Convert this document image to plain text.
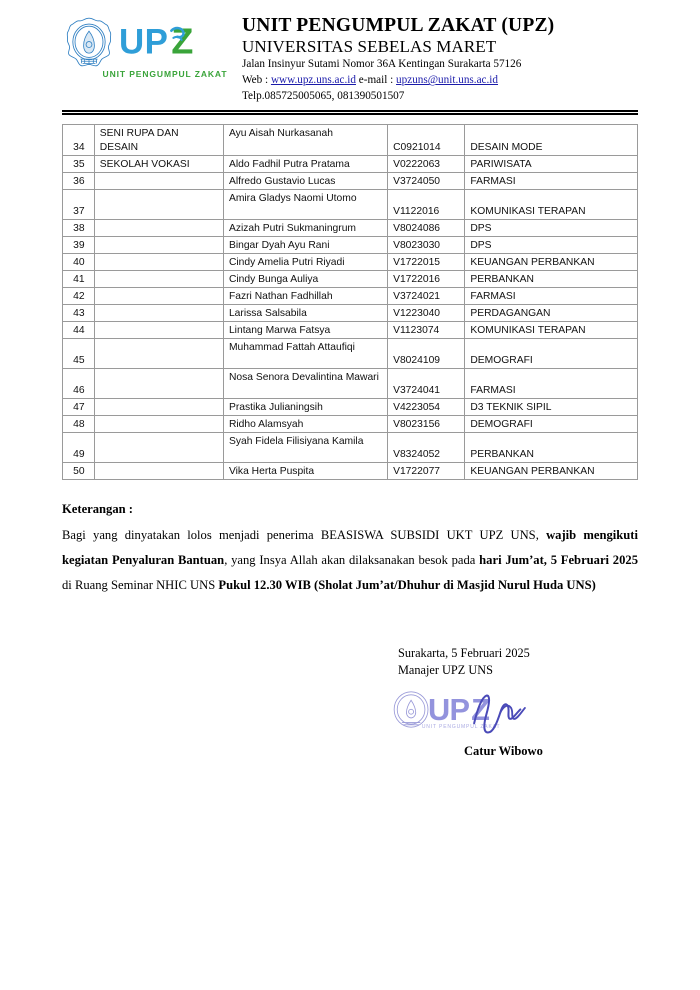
U P Z
UNIT PENGUMPUL ZAKAT
UNIT PENGUMPUL ZAKAT (UPZ)
UNIVERSITAS SEBELAS MARET
Jalan Insinyur Sutami Nomor 36A Kentingan Surakarta 57126
Web : www.upz.uns.ac.id e-mail : upzuns@unit.uns.ac.id
Telp.085725005065, 081390501507
34	SENI RUPA DAN DESAIN	Ayu Aisah Nurkasanah	C0921014	DESAIN MODE
35	SEKOLAH VOKASI	Aldo Fadhil Putra Pratama	V0222063	PARIWISATA
36		Alfredo Gustavio Lucas	V3724050	FARMASI
37		Amira Gladys Naomi Utomo	V1122016	KOMUNIKASI TERAPAN
38		Azizah Putri Sukmaningrum	V8024086	DPS
39		Bingar Dyah Ayu Rani	V8023030	DPS
40		Cindy Amelia Putri Riyadi	V1722015	KEUANGAN PERBANKAN
41		Cindy Bunga Auliya	V1722016	PERBANKAN
42		Fazri Nathan Fadhillah	V3724021	FARMASI
43		Larissa Salsabila	V1223040	PERDAGANGAN
44		Lintang Marwa Fatsya	V1123074	KOMUNIKASI TERAPAN
45		Muhammad Fattah Attaufiqi	V8024109	DEMOGRAFI
46		Nosa Senora Devalintina Mawari	V3724041	FARMASI
47		Prastika Julianingsih	V4223054	D3 TEKNIK SIPIL
48		Ridho Alamsyah	V8023156	DEMOGRAFI
49		Syah Fidela Filisiyana Kamila	V8324052	PERBANKAN
50		Vika Herta Puspita	V1722077	KEUANGAN PERBANKAN
Keterangan :
Bagi yang dinyatakan lolos menjadi penerima BEASISWA SUBSIDI UKT UPZ UNS, wajib mengikuti kegiatan Penyaluran Bantuan, yang Insya Allah akan dilaksanakan besok pada hari Jum’at, 5 Februari 2025 di Ruang Seminar NHIC UNS Pukul 12.30 WIB (Sholat Jum’at/Dhuhur di Masjid Nurul Huda UNS)
Surakarta, 5 Februari 2025
Manajer UPZ UNS
U P Z
UNIT PENGUMPUL ZAKAT
Catur Wibowo
